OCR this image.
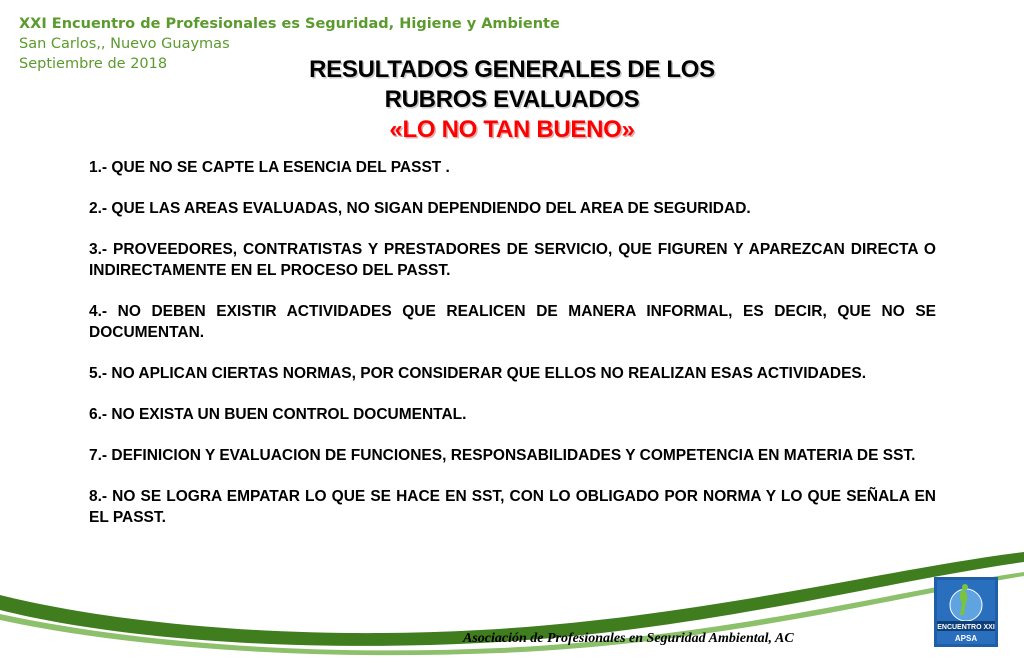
XXI Encuentro de Profesionales es Seguridad, Higiene y Ambiente
San Carlos,, Nuevo Guaymas
Septiembre de 2018	RESULTADOS GENERALES DE LOS
RUBROS EVALUADOS
«LO NO TAN BUENO»
1.- QUE NO SE CAPTE LA ESENCIA DEL PASST .
2.- QUE LAS AREAS EVALUADAS, NO SIGAN DEPENDIENDO DEL AREA DE SEGURIDAD.
3.- PROVEEDORES, CONTRATISTAS Y PRESTADORES DE SERVICIO, QUE FIGUREN Y APAREZCAN DIRECTA O INDIRECTAMENTE EN EL PROCESO DEL PASST.
4.- NO DEBEN EXISTIR ACTIVIDADES QUE REALICEN DE MANERA INFORMAL, ES DECIR, QUE NO SE DOCUMENTAN.
5.- NO APLICAN CIERTAS NORMAS, POR CONSIDERAR QUE ELLOS NO REALIZAN ESAS ACTIVIDADES.
6.- NO EXISTA UN BUEN CONTROL DOCUMENTAL.
7.- DEFINICION Y EVALUACION DE FUNCIONES, RESPONSABILIDADES Y COMPETENCIA EN MATERIA DE SST.
8.- NO SE LOGRA EMPATAR LO QUE SE HACE EN SST, CON LO OBLIGADO POR NORMA Y LO QUE SEÑALA EN EL PASST.
Asociación de Profesionales en Seguridad Ambiental, AC
ENCUENTRO XXI
APSA
